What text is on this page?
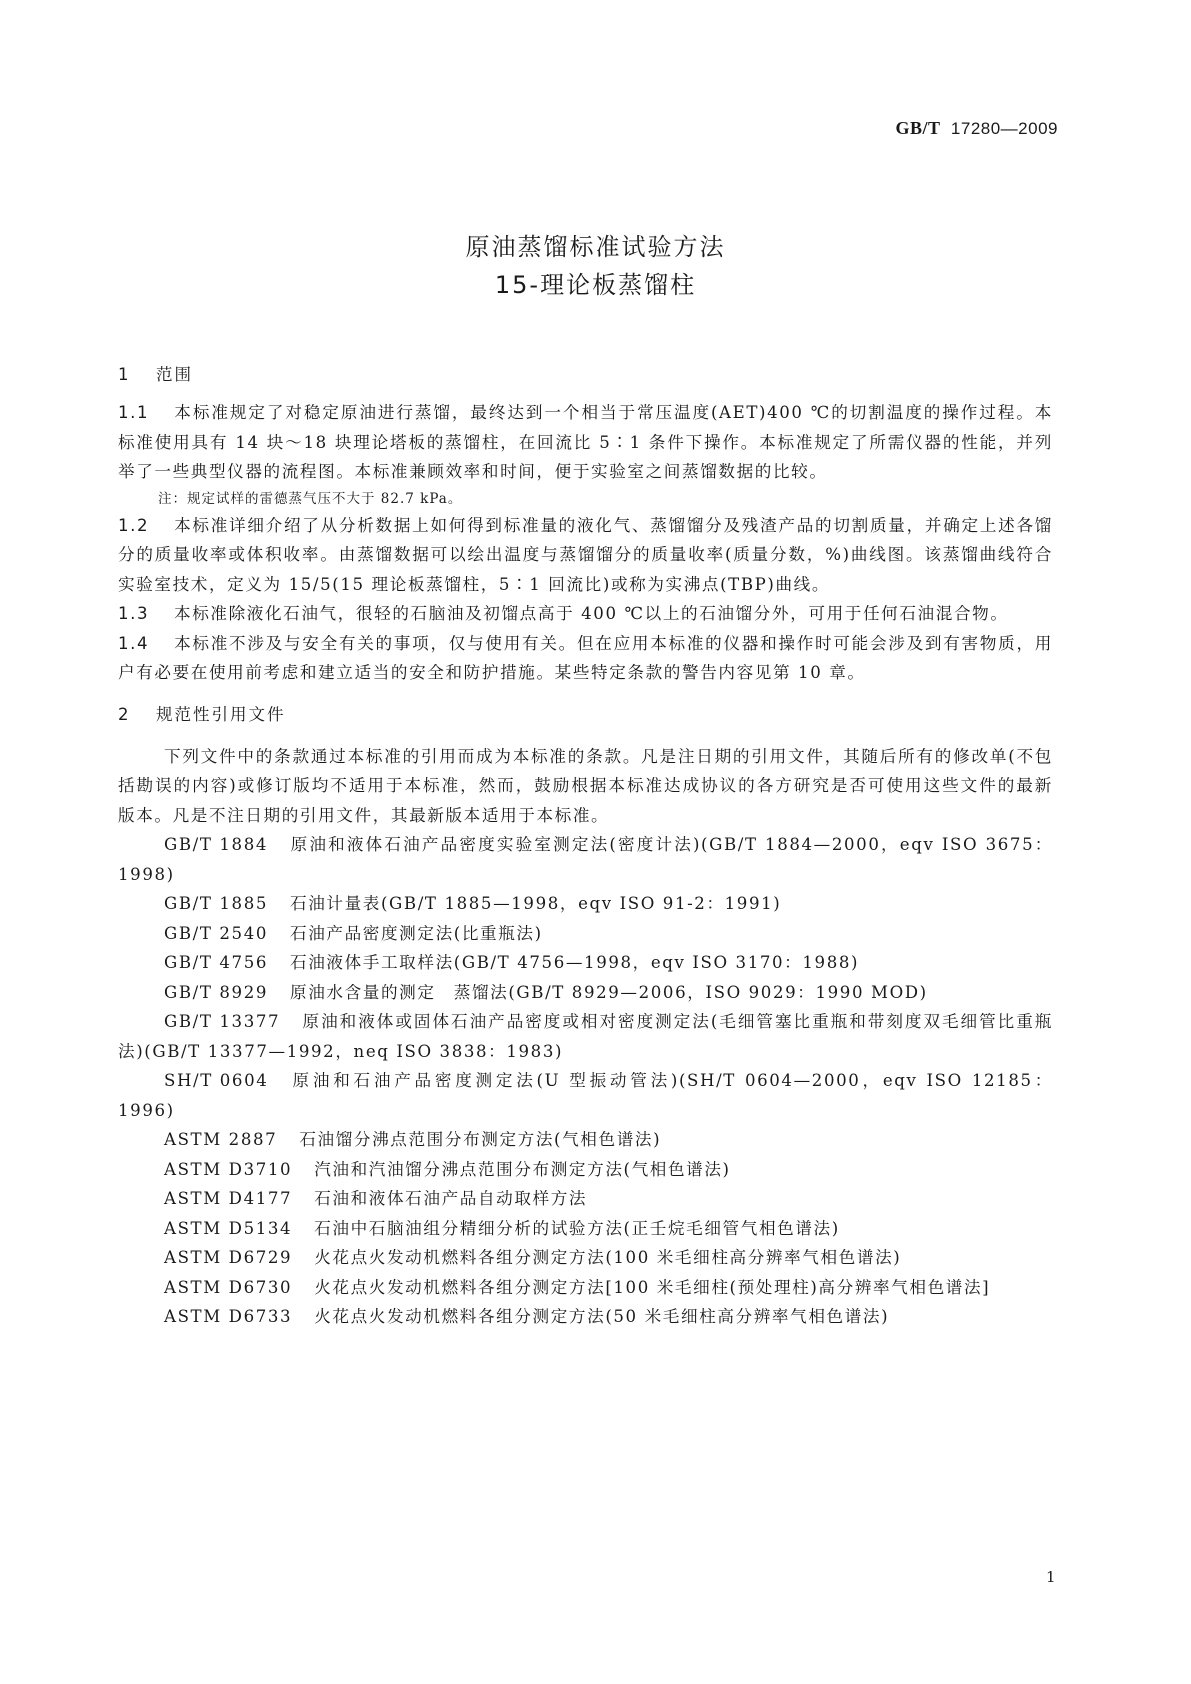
GB/T 17280—2009
原油蒸馏标准试验方法
15-理论板蒸馏柱
1 范围

1.1 本标准规定了对稳定原油进行蒸馏，最终达到一个相当于常压温度(AET)400 ℃的切割温度的操作过程。本标准使用具有 14 块～18 块理论塔板的蒸馏柱，在回流比 5∶1 条件下操作。本标准规定了所需仪器的性能，并列举了一些典型仪器的流程图。本标准兼顾效率和时间，便于实验室之间蒸馏数据的比较。

注：规定试样的雷德蒸气压不大于 82.7 kPa。

1.2 本标准详细介绍了从分析数据上如何得到标准量的液化气、蒸馏馏分及残渣产品的切割质量，并确定上述各馏分的质量收率或体积收率。由蒸馏数据可以绘出温度与蒸馏馏分的质量收率(质量分数，%)曲线图。该蒸馏曲线符合实验室技术，定义为 15/5(15 理论板蒸馏柱，5∶1 回流比)或称为实沸点(TBP)曲线。

1.3 本标准除液化石油气，很轻的石脑油及初馏点高于 400 ℃以上的石油馏分外，可用于任何石油混合物。

1.4 本标准不涉及与安全有关的事项，仅与使用有关。但在应用本标准的仪器和操作时可能会涉及到有害物质，用户有必要在使用前考虑和建立适当的安全和防护措施。某些特定条款的警告内容见第 10 章。

2 规范性引用文件

下列文件中的条款通过本标准的引用而成为本标准的条款。凡是注日期的引用文件，其随后所有的修改单(不包括勘误的内容)或修订版均不适用于本标准，然而，鼓励根据本标准达成协议的各方研究是否可使用这些文件的最新版本。凡是不注日期的引用文件，其最新版本适用于本标准。

GB/T 1884 原油和液体石油产品密度实验室测定法(密度计法)(GB/T 1884—2000，eqv ISO 3675：1998)

GB/T 1885 石油计量表(GB/T 1885—1998，eqv ISO 91-2：1991)

GB/T 2540 石油产品密度测定法(比重瓶法)

GB/T 4756 石油液体手工取样法(GB/T 4756—1998，eqv ISO 3170：1988)

GB/T 8929 原油水含量的测定　蒸馏法(GB/T 8929—2006，ISO 9029：1990 MOD)

GB/T 13377 原油和液体或固体石油产品密度或相对密度测定法(毛细管塞比重瓶和带刻度双毛细管比重瓶法)(GB/T 13377—1992，neq ISO 3838：1983)

SH/T 0604 原油和石油产品密度测定法(U 型振动管法)(SH/T 0604—2000，eqv ISO 12185：1996)

ASTM 2887 石油馏分沸点范围分布测定方法(气相色谱法)

ASTM D3710 汽油和汽油馏分沸点范围分布测定方法(气相色谱法)

ASTM D4177 石油和液体石油产品自动取样方法

ASTM D5134 石油中石脑油组分精细分析的试验方法(正壬烷毛细管气相色谱法)

ASTM D6729 火花点火发动机燃料各组分测定方法(100 米毛细柱高分辨率气相色谱法)

ASTM D6730 火花点火发动机燃料各组分测定方法[100 米毛细柱(预处理柱)高分辨率气相色谱法]

ASTM D6733 火花点火发动机燃料各组分测定方法(50 米毛细柱高分辨率气相色谱法)

1
